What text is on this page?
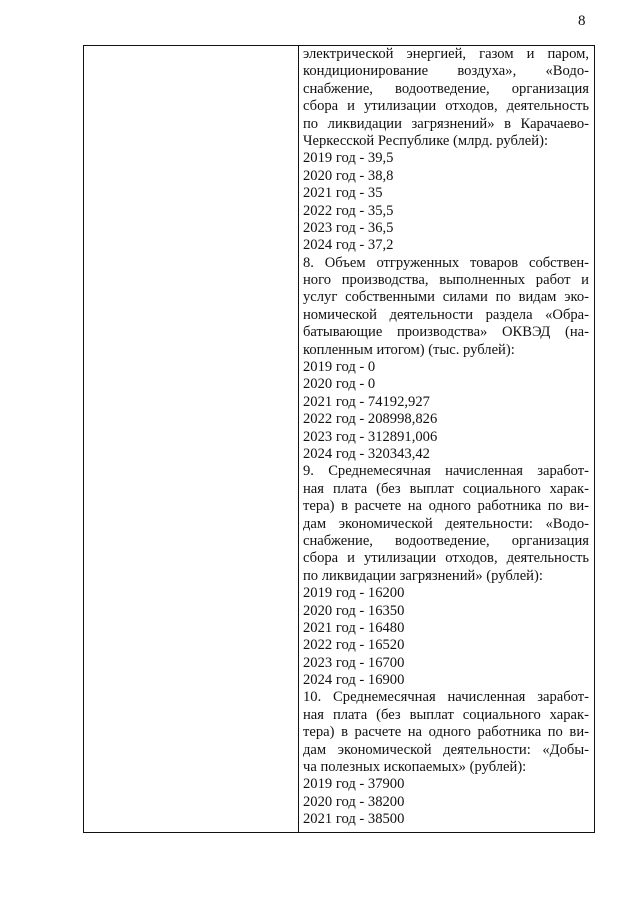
8
электрической энергией, газом и паром,
кондиционирование воздуха», «Водо-
снабжение, водоотведение, организация
сбора и утилизации отходов, деятельность
по ликвидации загрязнений» в Карачаево-
Черкесской Республике (млрд. рублей):
2019 год - 39,5
2020 год - 38,8
2021 год - 35
2022 год - 35,5
2023 год - 36,5
2024 год - 37,2
8. Объем отгруженных товаров собствен-
ного производства, выполненных работ и
услуг собственными силами по видам эко-
номической деятельности раздела «Обра-
батывающие производства» ОКВЭД (на-
копленным итогом) (тыс. рублей):
2019 год - 0
2020 год - 0
2021 год - 74192,927
2022 год - 208998,826
2023 год - 312891,006
2024 год - 320343,42
9. Среднемесячная начисленная заработ-
ная плата (без выплат социального харак-
тера) в расчете на одного работника по ви-
дам экономической деятельности: «Водо-
снабжение, водоотведение, организация
сбора и утилизации отходов, деятельность
по ликвидации загрязнений» (рублей):
2019 год - 16200
2020 год - 16350
2021 год - 16480
2022 год - 16520
2023 год - 16700
2024 год - 16900
10. Среднемесячная начисленная заработ-
ная плата (без выплат социального харак-
тера) в расчете на одного работника по ви-
дам экономической деятельности: «Добы-
ча полезных ископаемых» (рублей):
2019 год - 37900
2020 год - 38200
2021 год - 38500
